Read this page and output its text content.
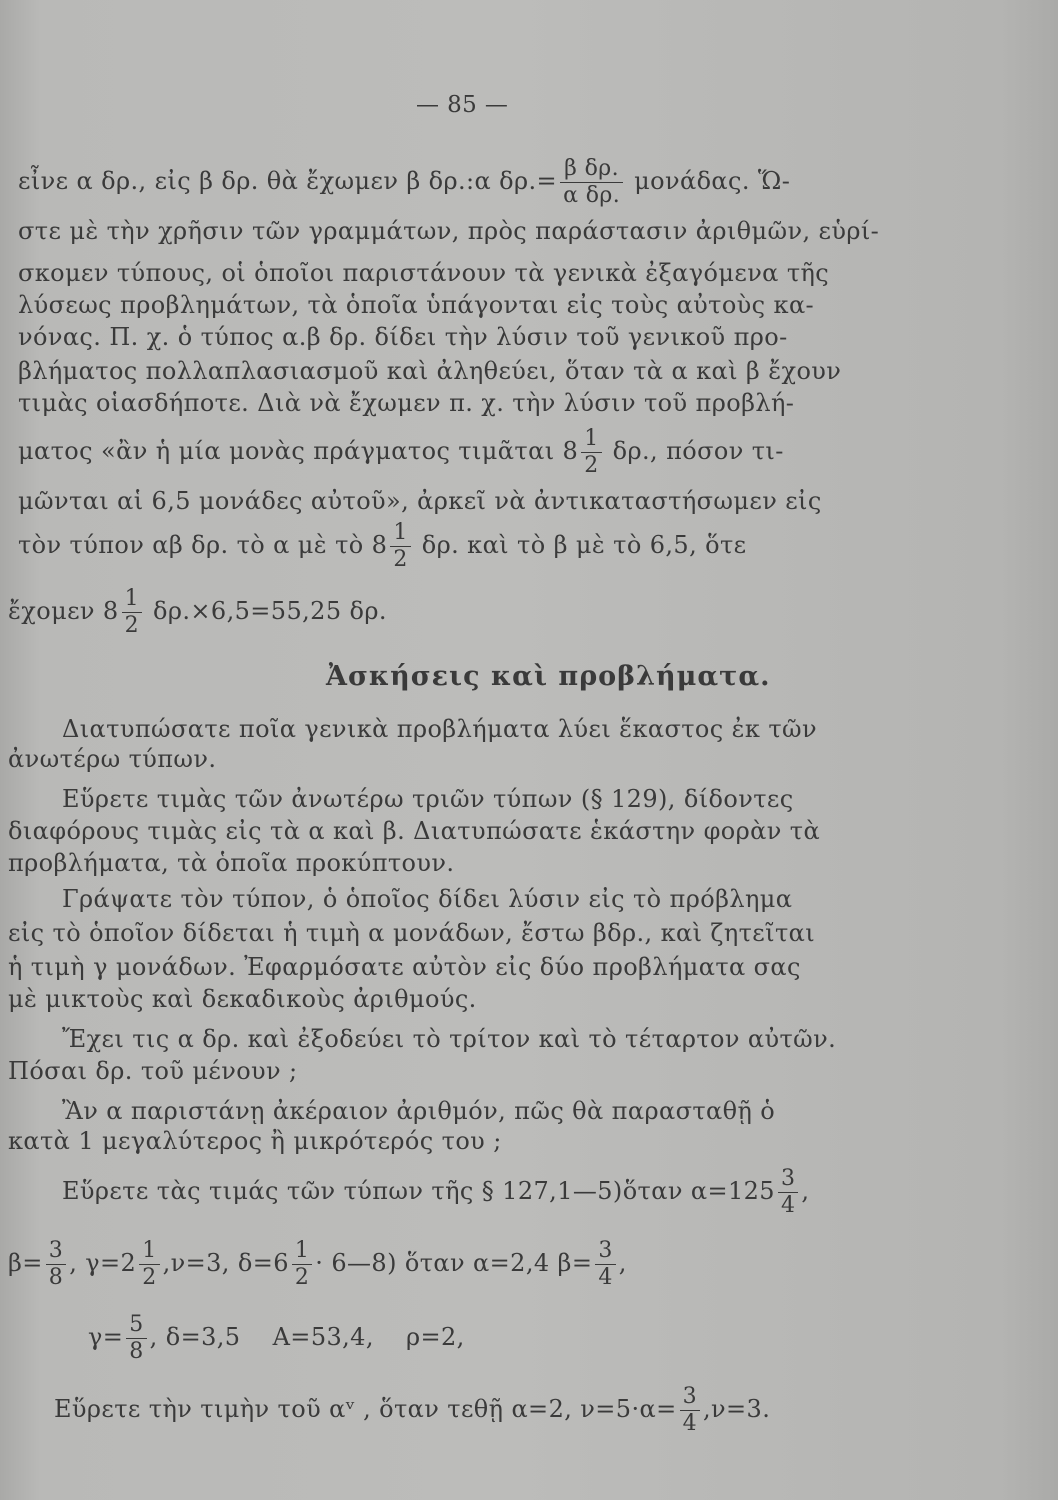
— 85 —
εἶνε α δρ., εἰς β δρ. θὰ ἔχωμεν β δρ.:α $\delta\rho.= \frac{\text{β δρ.}}{\text{α δρ.}} \mu o\nu ά\delta\alpha\varsigma$. Ὥ-
στε μὲ τὴν χρῆσιν τῶν γραμμάτων, πρὸς παράστασιν ἀριθμῶν, εὑρί-
σκομεν τύπους, οἱ ὁποῖοι παριστάνουν τὰ γενικὰ ἐξαγόμενα τῆς
λύσεως προβλημάτων, τὰ ὁποῖα ὑπάγονται εἰς τοὺς αὐτοὺς κα-
νόνας. Π. χ. ὁ τύπος α.β δρ. δίδει τὴν λύσιν τοῦ γενικοῦ προ-
βλήματος πολλαπλασιασμοῦ καὶ ἀληθεύει, ὅταν τὰ α καὶ β ἔχουν
τιμὰς οἱασδήποτε. Διὰ νὰ ἔχωμεν π. χ. τὴν λύσιν τοῦ προβλή-
ματος «ἂν ἡ μία μονὰς πράγματος τιμᾶται $8 \frac{1}{2} \delta\rho$., πόσον τι-
μῶνται αἱ 6,5 μονάδες αὐτοῦ», ἀρκεῖ νὰ ἀντικαταστήσωμεν εἰς
τὸν τύπον αβ δρ. τὸ α μὲ τὸ $8 \frac{1}{2} \delta\rho$. καὶ τὸ β μὲ τὸ 6,5, ὅτε
ἔχομεν $8 \frac{1}{2} \delta\rho.\times 6,5=55,25$ δρ.
Ἀσκήσεις καὶ προβλήματα.
Διατυπώσατε ποῖα γενικὰ προβλήματα λύει ἕκαστος ἐκ τῶν
ἀνωτέρω τύπων.
Εὕρετε τιμὰς τῶν ἀνωτέρω τριῶν τύπων (§ 129), δίδοντες
διαφόρους τιμὰς εἰς τὰ α καὶ β. Διατυπώσατε ἑκάστην φορὰν τὰ
προβλήματα, τὰ ὁποῖα προκύπτουν.
Γράψατε τὸν τύπον, ὁ ὁποῖος δίδει λύσιν εἰς τὸ πρόβλημα
εἰς τὸ ὁποῖον δίδεται ἡ τιμὴ α μονάδων, ἔστω βδρ., καὶ ζητεῖται
ἡ τιμὴ γ μονάδων. Ἐφαρμόσατε αὐτὸν εἰς δύο προβλήματα σας
μὲ μικτοὺς καὶ δεκαδικοὺς ἀριθμούς.
Ἔχει τις α δρ. καὶ ἐξοδεύει τὸ τρίτον καὶ τὸ τέταρτον αὐτῶν.
Πόσαι δρ. τοῦ μένουν ;
Ἂν α παριστάνῃ ἀκέραιον ἀριθμόν, πῶς θὰ παρασταθῇ ὁ
κατὰ 1 μεγαλύτερος ἢ μικρότερός του ;
Εὕρετε τὰς τιμάς τῶν τύπων τῆς § 127,1—5)ὅταν $\alpha=125 \frac{3}{4}$ ,
$\beta= \frac{3}{8}$ , $\gamma=2 \frac{1}{2} ,\nu=3$, $\delta=6 \frac{1}{2}$ · 6—8) ὅταν α=2,4 $\beta= \frac{3}{4}$ ,
$\gamma= \frac{5}{8}$ , δ=3,5    Α=53,4,    ρ=2,
Εὕρετε τὴν τιμὴν τοῦ αᵛ , ὅταν τεθῇ α=2, $\nu=5\cdot\alpha= \frac{3}{4} ,\nu=3$.
